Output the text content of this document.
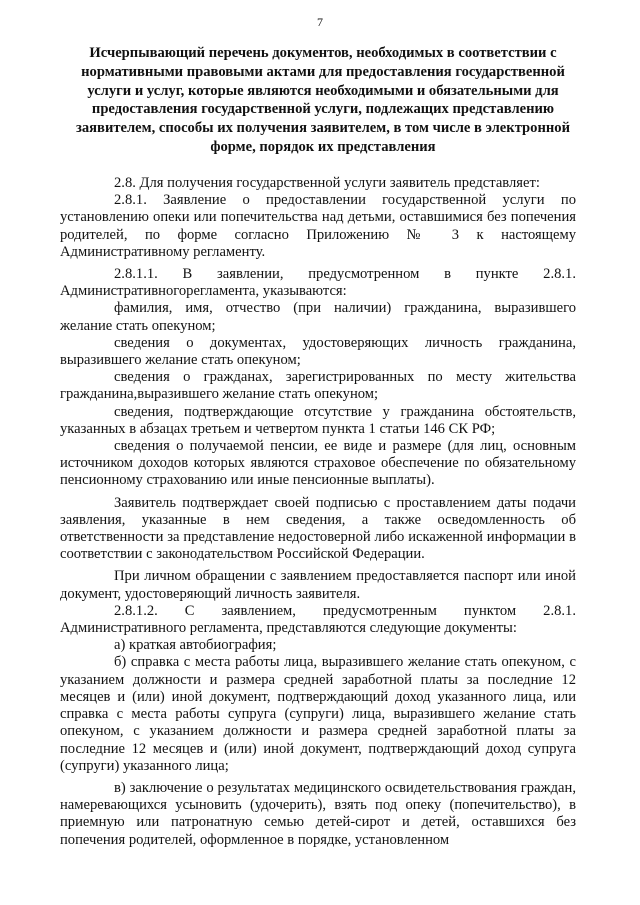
7
Исчерпывающий перечень документов, необходимых в соответствии с нормативными правовыми актами для предоставления государственной услуги и услуг, которые являются необходимыми и обязательными для предоставления государственной услуги, подлежащих представлению заявителем, способы их получения заявителем, в том числе в электронной форме, порядок их представления

2.8. Для получения государственной услуги заявитель представляет:

2.8.1. Заявление о предоставлении государственной услуги по установлению опеки или попечительства над детьми, оставшимися без попечения родителей, по форме согласно Приложению № 3 к настоящему Административному регламенту.

2.8.1.1. В заявлении, предусмотренном в пункте 2.8.1. Административногорегламента, указываются:

фамилия, имя, отчество (при наличии) гражданина, выразившего желание стать опекуном;

сведения о документах, удостоверяющих личность гражданина, выразившего желание стать опекуном;

сведения о гражданах, зарегистрированных по месту жительства гражданина,выразившего желание стать опекуном;

сведения, подтверждающие отсутствие у гражданина обстоятельств, указанных в абзацах третьем и четвертом пункта 1 статьи 146 СК РФ;

сведения о получаемой пенсии, ее виде и размере (для лиц, основным источником доходов которых являются страховое обеспечение по обязательному пенсионному страхованию или иные пенсионные выплаты).

Заявитель подтверждает своей подписью с проставлением даты подачи заявления, указанные в нем сведения, а также осведомленность об ответственности за представление недостоверной либо искаженной информации в соответствии с законодательством Российской Федерации.

При личном обращении с заявлением предоставляется паспорт или иной документ, удостоверяющий личность заявителя.

2.8.1.2. С заявлением, предусмотренным пунктом 2.8.1. Административного регламента, представляются следующие документы:

а) краткая автобиография;

б) справка с места работы лица, выразившего желание стать опекуном, с указанием должности и размера средней заработной платы за последние 12 месяцев и (или) иной документ, подтверждающий доход указанного лица, или справка с места работы супруга (супруги) лица, выразившего желание стать опекуном, с указанием должности и размера средней заработной платы за последние 12 месяцев и (или) иной документ, подтверждающий доход супруга (супруги) указанного лица;

в) заключение о результатах медицинского освидетельствования граждан, намеревающихся усыновить (удочерить), взять под опеку (попечительство), в приемную или патронатную семью детей-сирот и детей, оставшихся без попечения родителей, оформленное в порядке, установленном
